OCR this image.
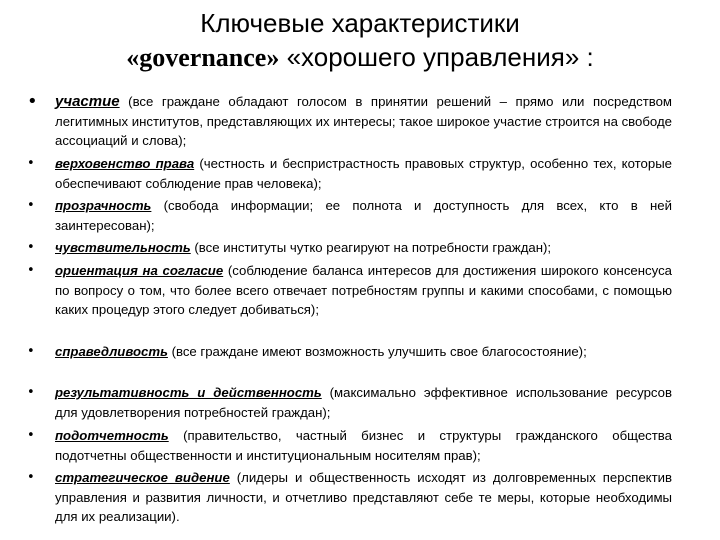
Ключевые характеристики
«governance» «хорошего управления» :
• участие (все граждане обладают голосом в принятии решений – прямо или посредством легитимных институтов, представляющих их интересы; такое широкое участие строится на свободе ассоциаций и слова);
• верховенство права (честность и беспристрастность правовых структур, особенно тех, которые обеспечивают соблюдение прав человека);
• прозрачность (свобода информации; ее полнота и доступность для всех, кто в ней заинтересован);
• чувствительность (все институты чутко реагируют на потребности граждан);
• ориентация на согласие (соблюдение баланса интересов для достижения широкого консенсуса по вопросу о том, что более всего отвечает потребностям группы и какими способами, с помощью каких процедур этого следует добиваться);
• справедливость (все граждане имеют возможность улучшить свое благосостояние);
• результативность и действенность (максимально эффективное использование ресурсов для удовлетворения потребностей граждан);
• подотчетность (правительство, частный бизнес и структуры гражданского общества подотчетны общественности и институциональным носителям прав);
• стратегическое видение (лидеры и общественность исходят из долговременных перспектив управления и развития личности, и отчетливо представляют себе те меры, которые необходимы для их реализации).
